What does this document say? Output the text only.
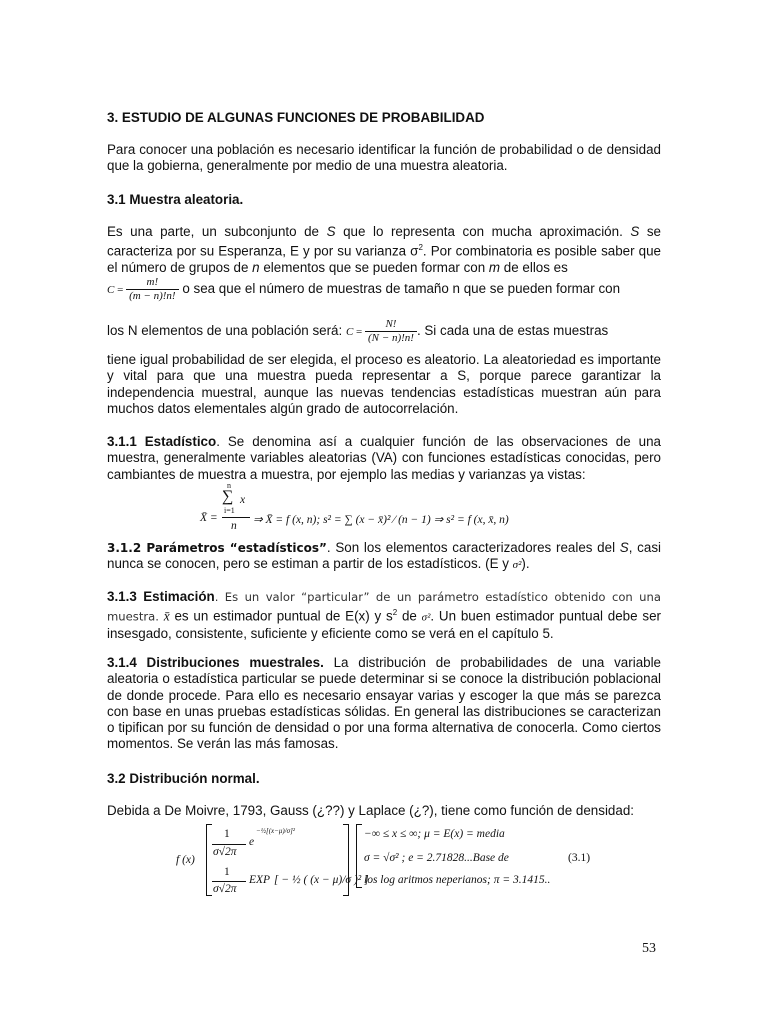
3. ESTUDIO DE ALGUNAS FUNCIONES DE PROBABILIDAD

Para conocer una población es necesario identificar la función de probabilidad o de densidad que la gobierna, generalmente por medio de una muestra aleatoria.

3.1 Muestra aleatoria.

Es una parte, un subconjunto de S que lo representa con mucha aproximación. S se caracteriza por su Esperanza, E y por su varianza $\sigma^2$. Por combinatoria es posible saber que el número de grupos de n elementos que se pueden formar con m de ellos es

$C = \frac{m!}{(m - n)!n!}$ o sea que el número de muestras de tamaño n que se pueden formar con
los N elementos de una población será: $C = \frac{N!}{(N - n)!n!}$ . Si cada una de estas muestras

tiene igual probabilidad de ser elegida, el proceso es aleatorio. La aleatoriedad es importante y vital para que una muestra pueda representar a S, porque parece garantizar la independencia muestral, aunque las nuevas tendencias estadísticas muestran aún para muchos datos elementales algún grado de autocorrelación.

3.1.1 Estadístico. Se denomina así a cualquier función de las observaciones de una muestra, generalmente variables aleatorias (VA) con funciones estadísticas conocidas, pero cambiantes de muestra a muestra, por ejemplo las medias y varianzas ya vistas:

n
∑ x
i=1
n
X̄ =	⇒ X̄ = f (x, n); s² = ∑ (x − x̄)² ⁄ (n − 1) ⇒ s² = f (x, x̄, n)

3.1.2 Parámetros “estadísticos”. Son los elementos caracterizadores reales del S, casi nunca se conocen, pero se estiman a partir de los estadísticos. (E y σ²).

3.1.3 Estimación. Es un valor “particular” de un parámetro estadístico obtenido con una muestra. x̄ es un estimador puntual de E(x) y $s^2$ de σ². Un buen estimador puntual debe ser insesgado, consistente, suficiente y eficiente como se verá en el capítulo 5.

3.1.4 Distribuciones muestrales. La distribución de probabilidades de una variable aleatoria o estadística particular se puede determinar si se conoce la distribución poblacional de donde procede. Para ello es necesario ensayar varias y escoger la que más se parezca con base en unas pruebas estadísticas sólidas. En general las distribuciones se caracterizan o tipifican por su función de densidad o por una forma alternativa de conocerla. Como ciertos momentos. Se verán las más famosas.

3.2 Distribución normal.

Debida a De Moivre, 1793, Gauss (¿??) y Laplace (¿?), tiene como función de densidad:

f (x)
1
σ√2π
e
−½[(x−μ)/σ]²
1
σ√2π
EXP [ − ½ ( (x − μ)/σ )² ]
−∞ ≤ x ≤ ∞; μ = E(x) = media
σ = √σ² ; e = 2.71828...Base de	(3.1)
los log aritmos neperianos; π = 3.1415..
53
